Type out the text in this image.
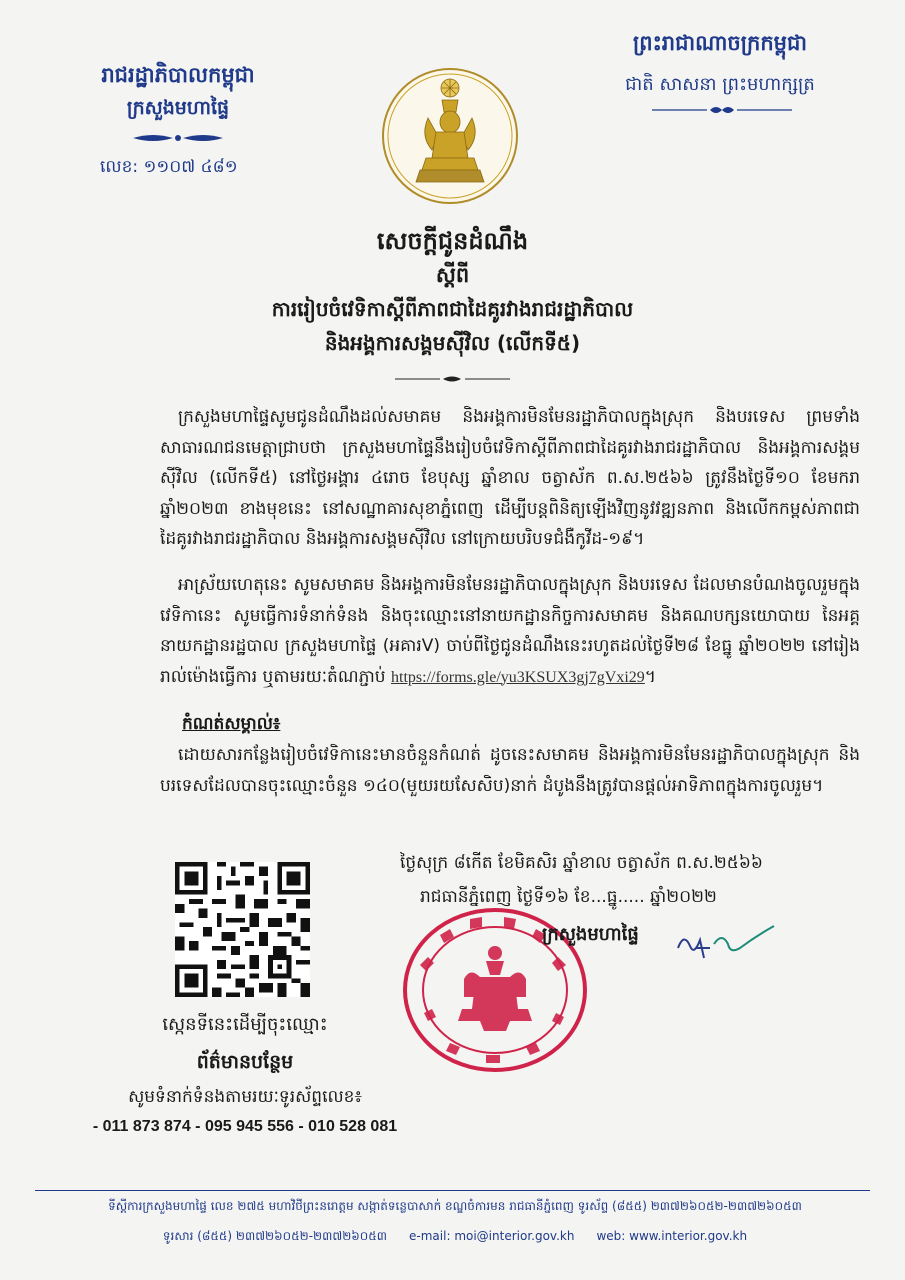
រាជរដ្ឋាភិបាលកម្ពុជា
ក្រសួងមហាផ្ទៃ
លេខ: ១១០៧ ៤៨១
ព្រះរាជាណាចក្រកម្ពុជា
ជាតិ សាសនា ព្រះមហាក្សត្រ
សេចក្តីជូនដំណឹង
ស្តីពី
ការរៀបចំវេទិកាស្តីពីភាពជាដៃគូរវាងរាជរដ្ឋាភិបាល
និងអង្គការសង្គមស៊ីវិល (លើកទី៥)
ក្រសួងមហាផ្ទៃសូមជូនដំណឹងដល់សមាគម និងអង្គការមិនមែនរដ្ឋាភិបាលក្នុងស្រុក និងបរទេស ព្រមទាំងសាធារណជនមេត្តាជ្រាបថា ក្រសួងមហាផ្ទៃនឹងរៀបចំវេទិកាស្តីពីភាពជាដៃគូរវាងរាជរដ្ឋាភិបាល និងអង្គការសង្គមស៊ីវិល (លើកទី៥) នៅថ្ងៃអង្គារ ៤រោច ខែបុស្ស ឆ្នាំខាល ចត្វាស័ក ព.ស.២៥៦៦ ត្រូវនឹងថ្ងៃទី១០ ខែមករា ឆ្នាំ២០២៣ ខាងមុខនេះ នៅសណ្ឋាគារសុខាភ្នំពេញ ដើម្បីបន្តពិនិត្យឡើងវិញនូវវឌ្ឍនភាព និងលើកកម្ពស់ភាពជាដៃគូរវាងរាជរដ្ឋាភិបាល និងអង្គការសង្គមស៊ីវិល នៅក្រោយបរិបទជំងឺកូវីដ-១៩។
អាស្រ័យហេតុនេះ សូមសមាគម និងអង្គការមិនមែនរដ្ឋាភិបាលក្នុងស្រុក និងបរទេស ដែលមានបំណងចូលរួមក្នុងវេទិកានេះ សូមធ្វើការទំនាក់ទំនង និងចុះឈ្មោះនៅនាយកដ្ឋានកិច្ចការសមាគម និងគណបក្សនយោបាយ នៃអគ្គនាយកដ្ឋានរដ្ឋបាល ក្រសួងមហាផ្ទៃ (អគារV) ចាប់ពីថ្ងៃជូនដំណឹងនេះរហូតដល់ថ្ងៃទី២៨ ខែធ្នូ ឆ្នាំ២០២២ នៅរៀងរាល់ម៉ោងធ្វើការ ឬតាមរយៈតំណភ្ជាប់ https://forms.gle/yu3KSUX3gj7gVxi29។
កំណត់សម្គាល់៖
ដោយសារកន្លែងរៀបចំវេទិកានេះមានចំនួនកំណត់ ដូចនេះសមាគម និងអង្គការមិនមែនរដ្ឋាភិបាលក្នុងស្រុក និងបរទេសដែលបានចុះឈ្មោះចំនួន ១៤០(មួយរយសែសិប)នាក់ ដំបូងនឹងត្រូវបានផ្តល់អាទិភាពក្នុងការចូលរួម។
ថ្ងៃសុក្រ ៨កើត ខែមិគសិរ ឆ្នាំខាល ចត្វាស័ក ព.ស.២៥៦៦
រាជធានីភ្នំពេញ ថ្ងៃទី១៦ ខែ...ធ្នូ..... ឆ្នាំ២០២២
ក្រសួងមហាផ្ទៃ
ស្កេនទីនេះដើម្បីចុះឈ្មោះ
ព័ត៌មានបន្ថែម
សូមទំនាក់ទំនងតាមរយៈទូរស័ព្ទលេខ៖
- 011 873 874 - 095 945 556 - 010 528 081
ទីស្តីការក្រសួងមហាផ្ទៃ លេខ ២៧៥ មហាវិថីព្រះនរោត្តម សង្កាត់ទន្លេបាសាក់ ខណ្ឌចំការមន រាជធានីភ្នំពេញ ទូរស័ព្ទ (៨៥៥) ២៣៧២៦០៥២-២៣៧២៦០៥៣
ទូរសារ (៨៥៥) ២៣៧២៦០៥២-២៣៧២៦០៥៣ e-mail: moi@interior.gov.kh web: www.interior.gov.kh
